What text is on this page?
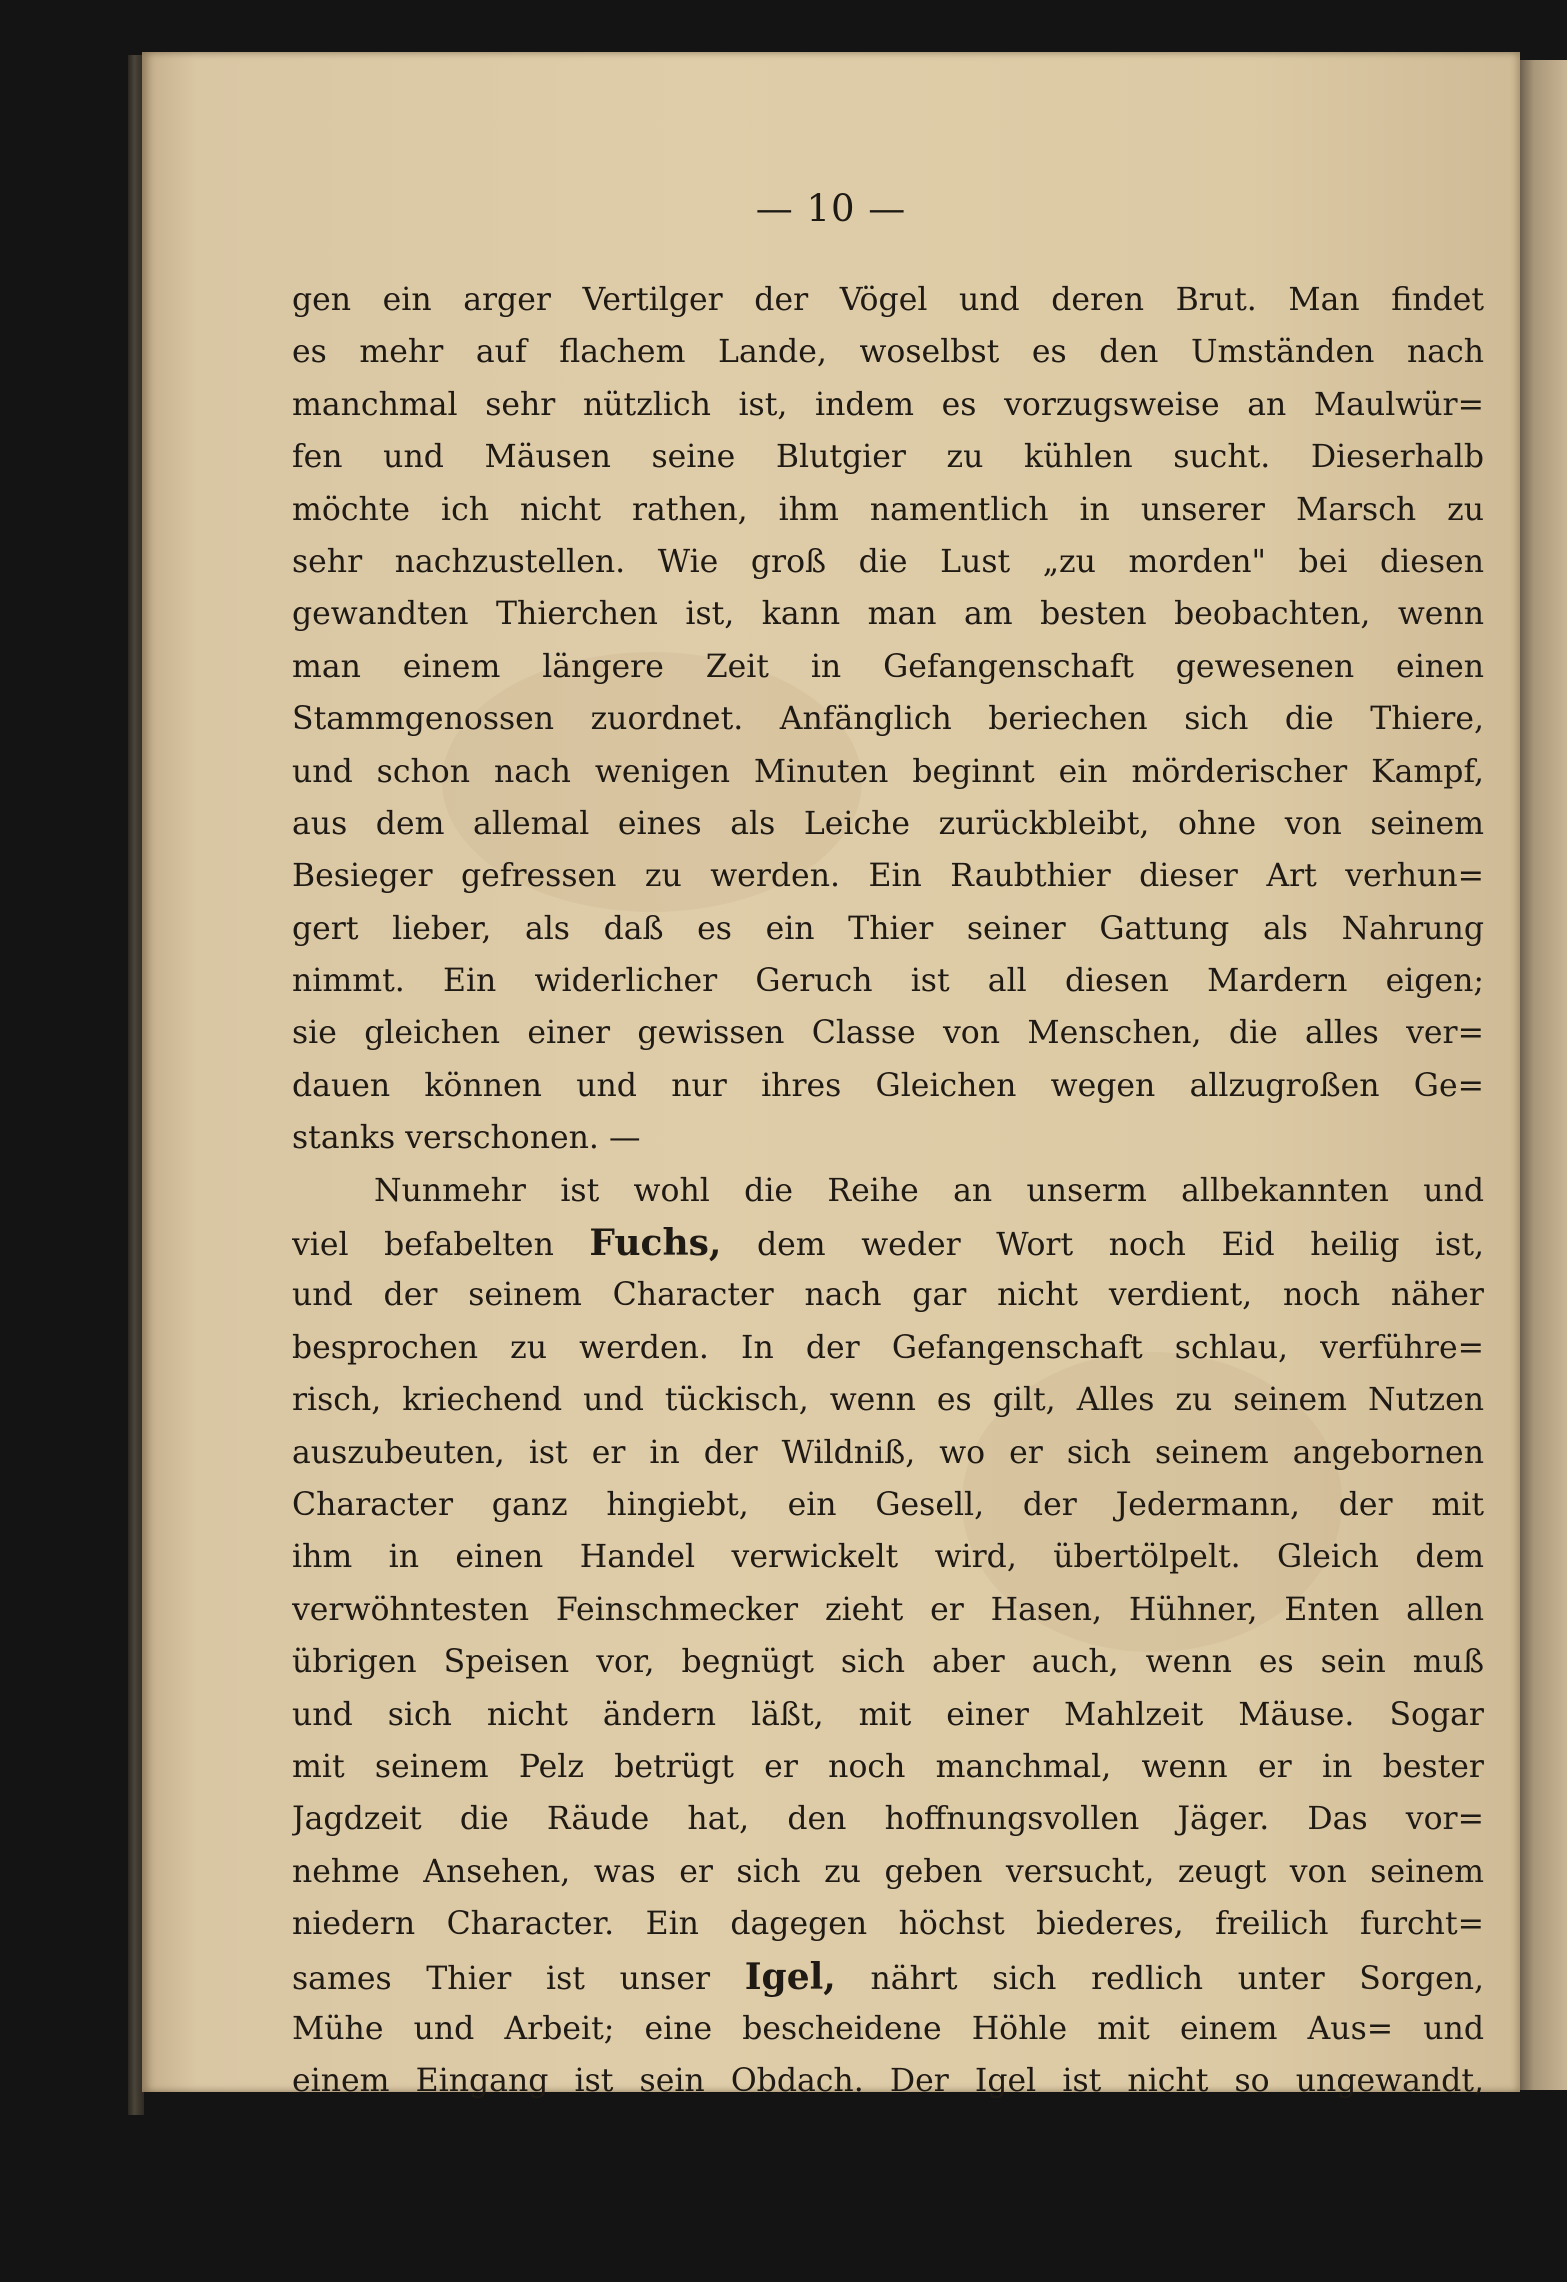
— 10 —
gen ein arger Vertilger der Vögel und deren Brut. Man findet
es mehr auf flachem Lande, woselbst es den Umständen nach
manchmal sehr nützlich ist, indem es vorzugsweise an Maulwür=
fen und Mäusen seine Blutgier zu kühlen sucht. Dieserhalb
möchte ich nicht rathen, ihm namentlich in unserer Marsch zu
sehr nachzustellen. Wie groß die Lust „zu morden" bei diesen
gewandten Thierchen ist, kann man am besten beobachten, wenn
man einem längere Zeit in Gefangenschaft gewesenen einen
Stammgenossen zuordnet. Anfänglich beriechen sich die Thiere,
und schon nach wenigen Minuten beginnt ein mörderischer Kampf,
aus dem allemal eines als Leiche zurückbleibt, ohne von seinem
Besieger gefressen zu werden. Ein Raubthier dieser Art verhun=
gert lieber, als daß es ein Thier seiner Gattung als Nahrung
nimmt. Ein widerlicher Geruch ist all diesen Mardern eigen;
sie gleichen einer gewissen Classe von Menschen, die alles ver=
dauen können und nur ihres Gleichen wegen allzugroßen Ge=
stanks verschonen. —
Nunmehr ist wohl die Reihe an unserm allbekannten und
viel befabelten Fuchs, dem weder Wort noch Eid heilig ist,
und der seinem Character nach gar nicht verdient, noch näher
besprochen zu werden. In der Gefangenschaft schlau, verführe=
risch, kriechend und tückisch, wenn es gilt, Alles zu seinem Nutzen
auszubeuten, ist er in der Wildniß, wo er sich seinem angebornen
Character ganz hingiebt, ein Gesell, der Jedermann, der mit
ihm in einen Handel verwickelt wird, übertölpelt. Gleich dem
verwöhntesten Feinschmecker zieht er Hasen, Hühner, Enten allen
übrigen Speisen vor, begnügt sich aber auch, wenn es sein muß
und sich nicht ändern läßt, mit einer Mahlzeit Mäuse. Sogar
mit seinem Pelz betrügt er noch manchmal, wenn er in bester
Jagdzeit die Räude hat, den hoffnungsvollen Jäger. Das vor=
nehme Ansehen, was er sich zu geben versucht, zeugt von seinem
niedern Character. Ein dagegen höchst biederes, freilich furcht=
sames Thier ist unser Igel, nährt sich redlich unter Sorgen,
Mühe und Arbeit; eine bescheidene Höhle mit einem Aus= und
einem Eingang ist sein Obdach. Der Igel ist nicht so ungewandt,
